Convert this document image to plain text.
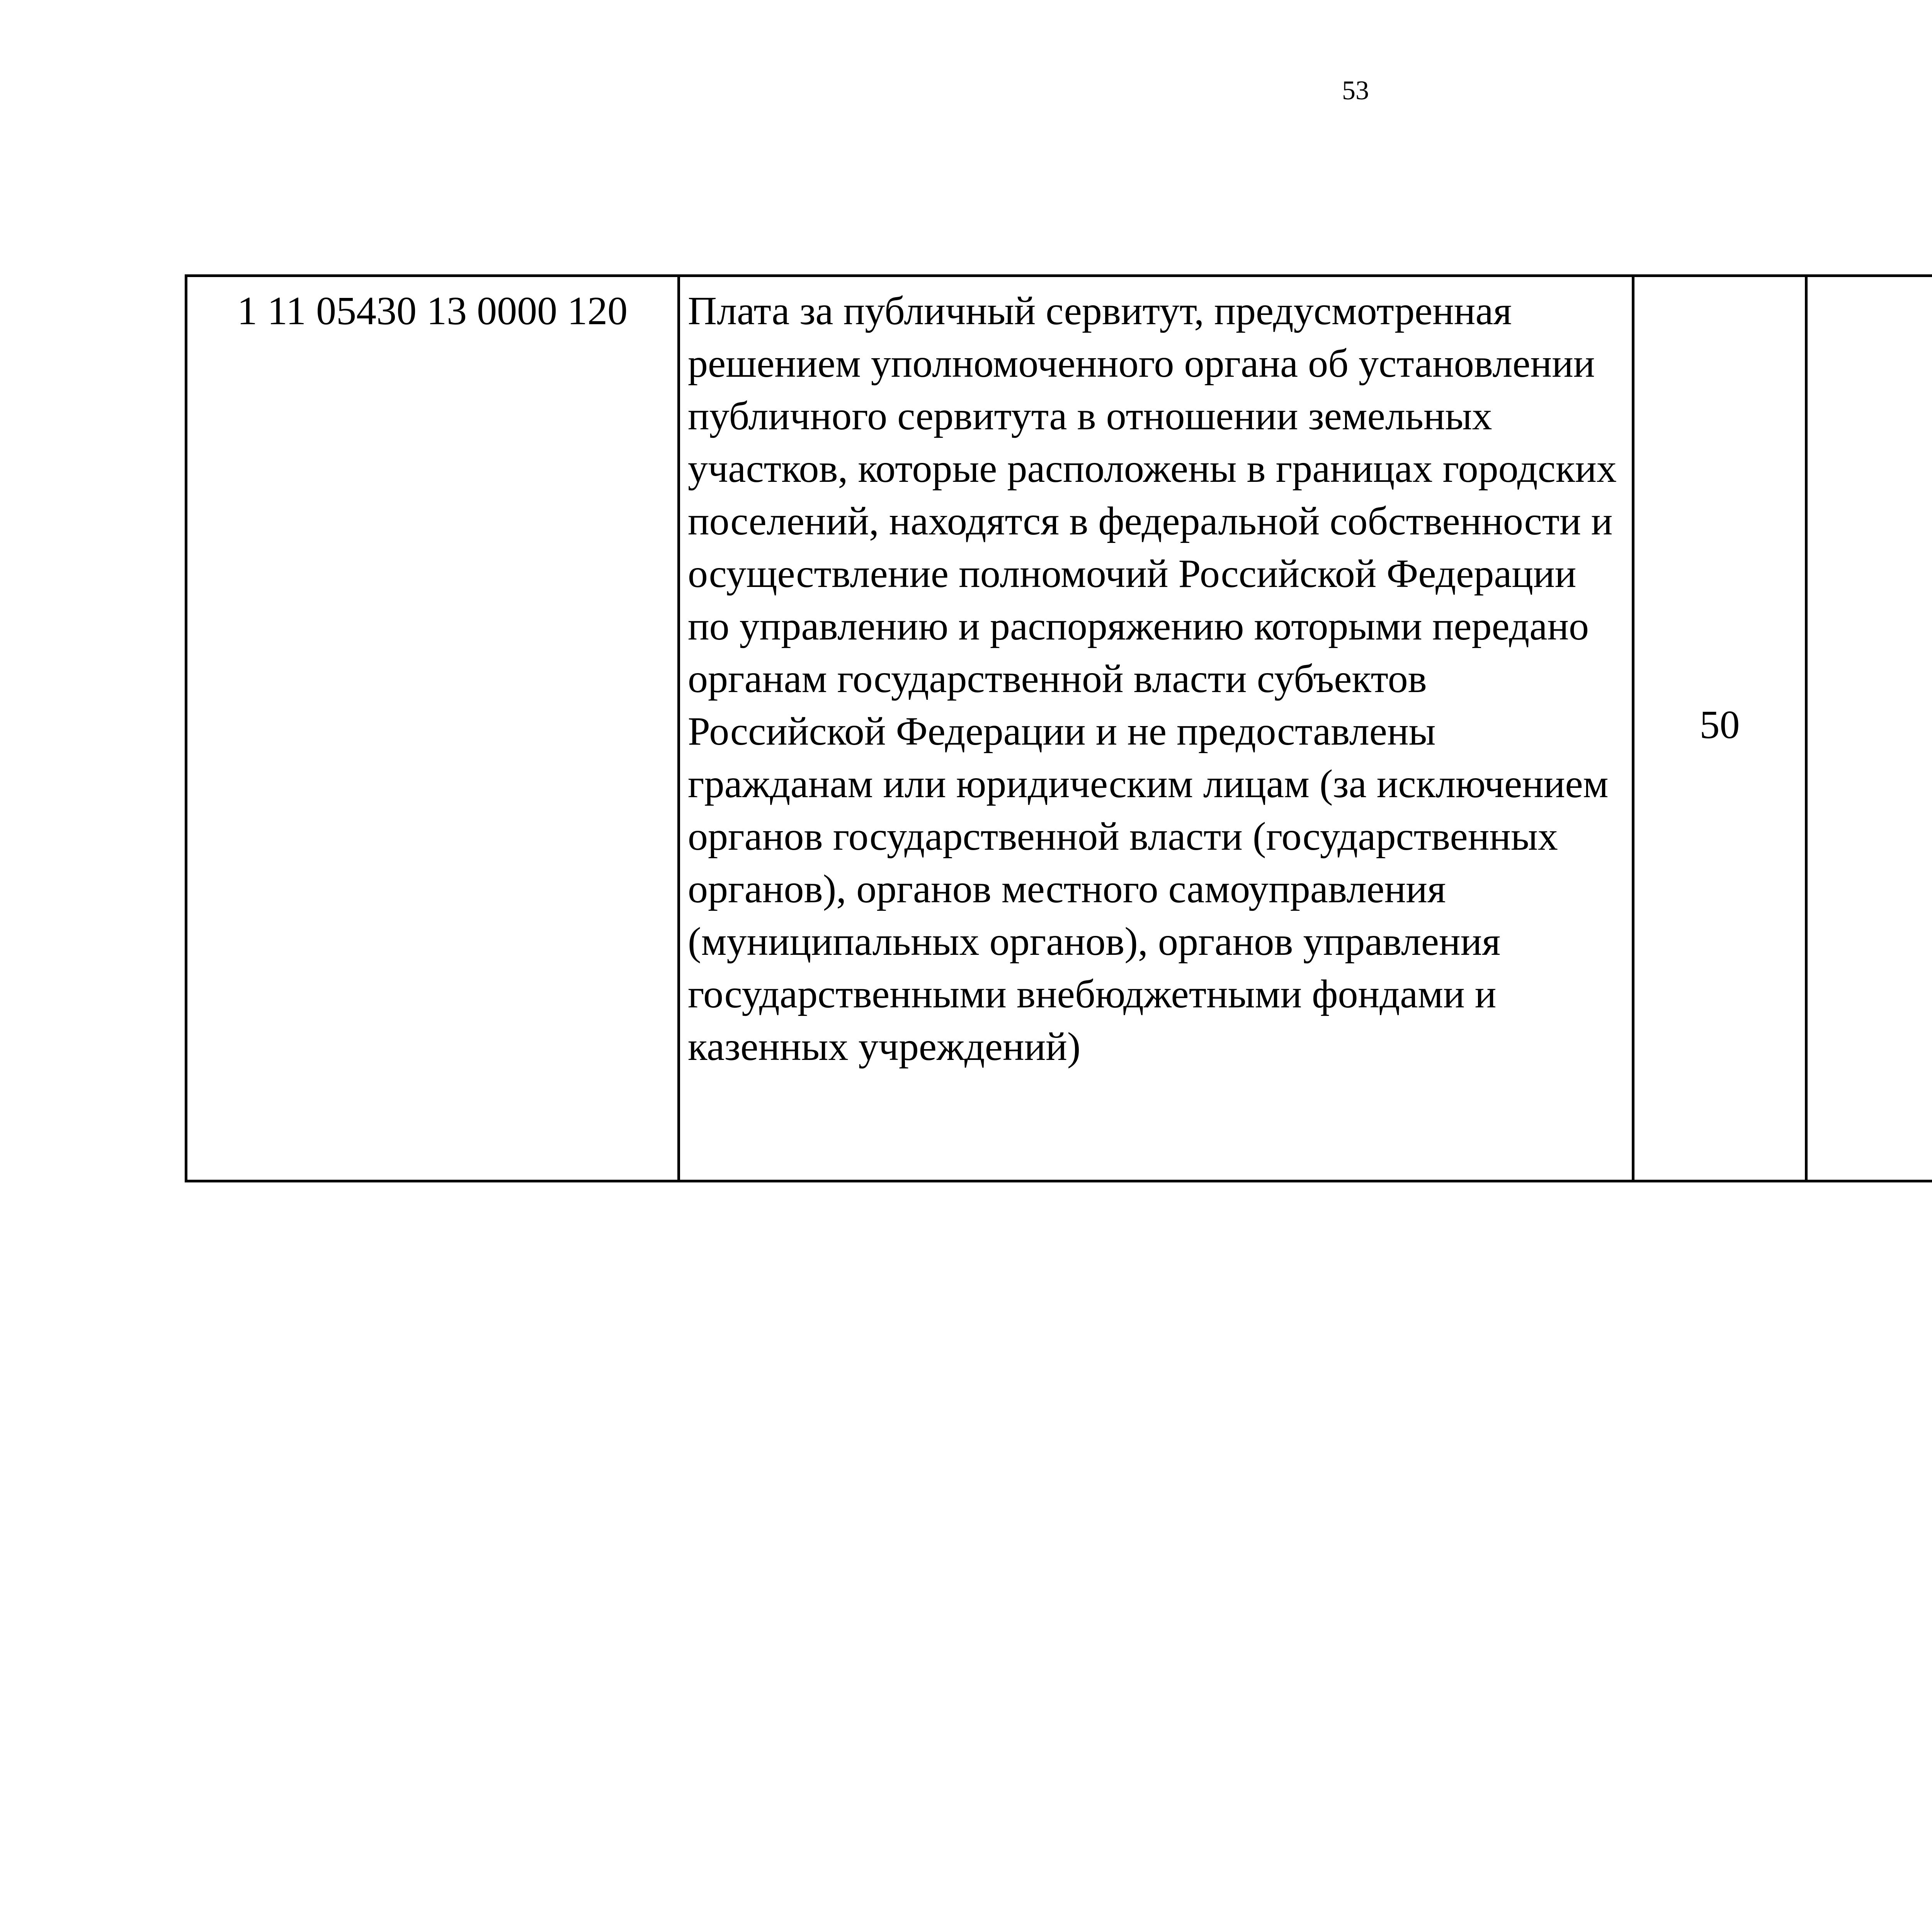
53
1 11 05430 13 0000 120	Плата за публичный сервитут, предусмотренная решением уполномоченного органа об установлении публичного сервитута в отношении земельных участков, которые расположены в границах городских поселений, находятся в федеральной собственности и осуществление полномочий Российской Федерации по управлению и распоряжению которыми передано органам государственной власти субъектов Российской Федерации и не предоставлены гражданам или юридическим лицам (за исключением органов государственной власти (государственных органов), органов местного самоуправления (муниципальных органов), органов управления государственными внебюджетными фондами и казенных учреждений)	50				
